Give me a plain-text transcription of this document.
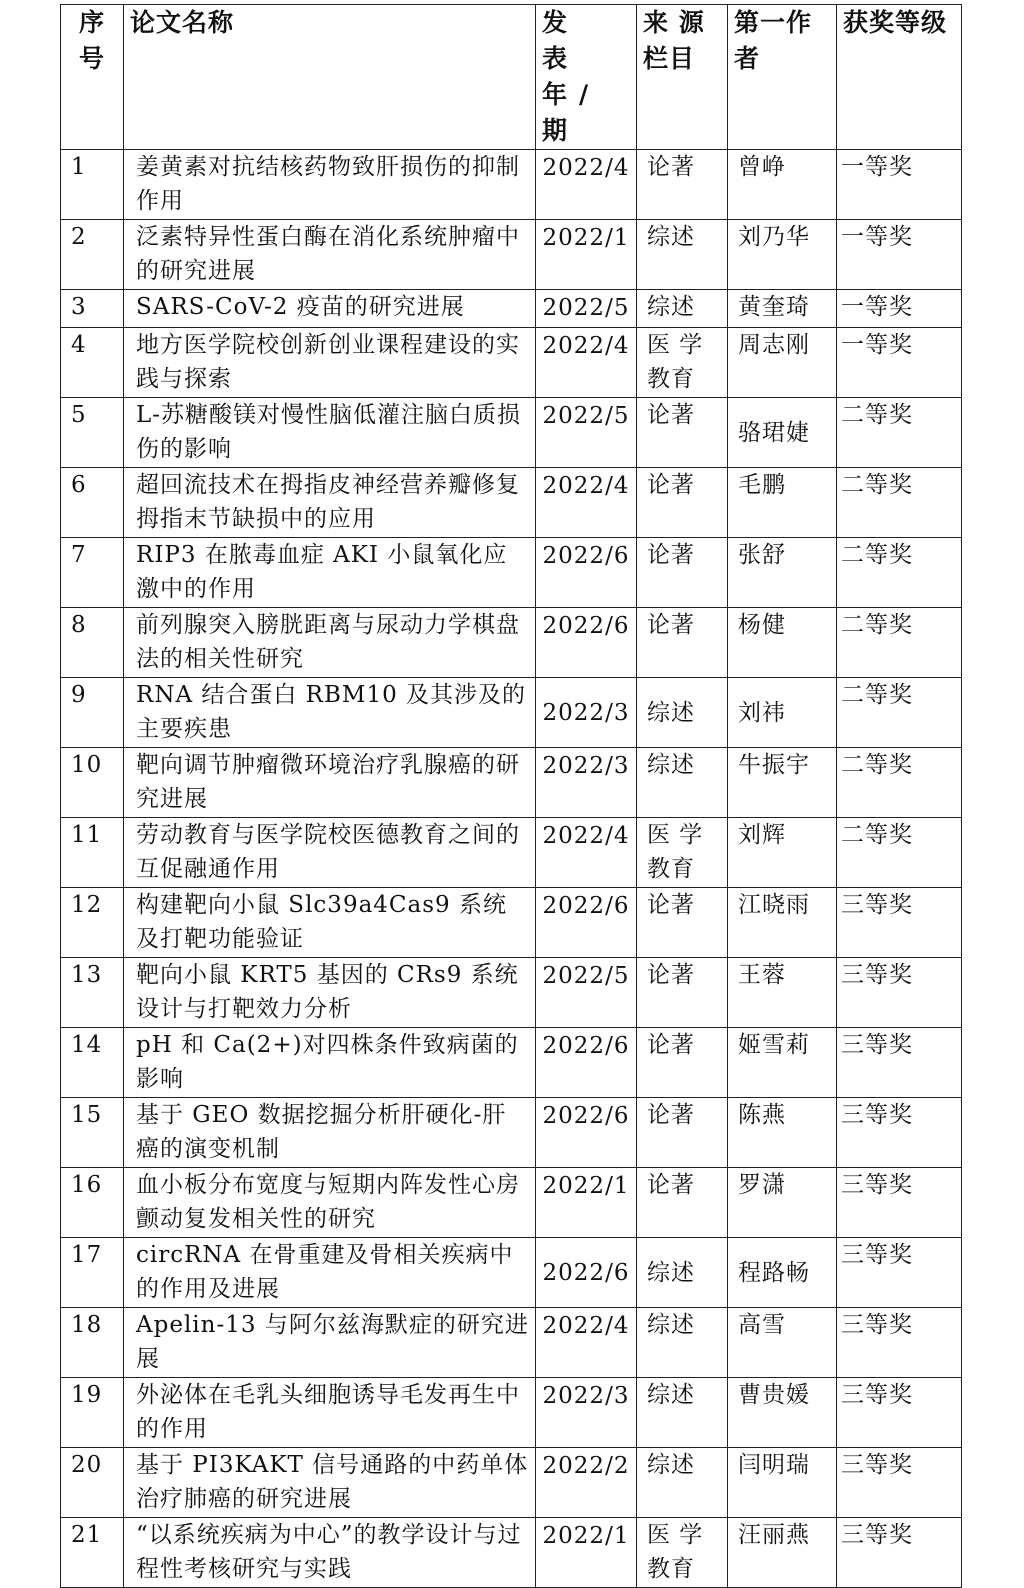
序号	论文名称	发 表 年/期	来 源 栏目	第一作 者	获奖等级
1	姜黄素对抗结核药物致肝损伤的抑制作用	2022/4	论著	曾峥	一等奖
2	泛素特异性蛋白酶在消化系统肿瘤中的研究进展	2022/1	综述	刘乃华	一等奖
3	SARS-CoV-2 疫苗的研究进展	2022/5	综述	黄奎琦	一等奖
4	地方医学院校创新创业课程建设的实践与探索	2022/4	医 学 教育	周志刚	一等奖
5	L-苏糖酸镁对慢性脑低灌注脑白质损伤的影响	2022/5	论著	骆珺婕	二等奖
6	超回流技术在拇指皮神经营养瓣修复拇指末节缺损中的应用	2022/4	论著	毛鹏	二等奖
7	RIP3 在脓毒血症 AKI 小鼠氧化应激中的作用	2022/6	论著	张舒	二等奖
8	前列腺突入膀胱距离与尿动力学棋盘法的相关性研究	2022/6	论著	杨健	二等奖
9	RNA 结合蛋白 RBM10 及其涉及的主要疾患	2022/3	综述	刘祎	二等奖
10	靶向调节肿瘤微环境治疗乳腺癌的研究进展	2022/3	综述	牛振宇	二等奖
11	劳动教育与医学院校医德教育之间的互促融通作用	2022/4	医 学 教育	刘辉	二等奖
12	构建靶向小鼠 Slc39a4Cas9 系统及打靶功能验证	2022/6	论著	江晓雨	三等奖
13	靶向小鼠 KRT5 基因的 CRs9 系统设计与打靶效力分析	2022/5	论著	王蓉	三等奖
14	pH 和 Ca(2+)对四株条件致病菌的影响	2022/6	论著	姬雪莉	三等奖
15	基于 GEO 数据挖掘分析肝硬化-肝癌的演变机制	2022/6	论著	陈燕	三等奖
16	血小板分布宽度与短期内阵发性心房颤动复发相关性的研究	2022/1	论著	罗潇	三等奖
17	circRNA 在骨重建及骨相关疾病中的作用及进展	2022/6	综述	程路畅	三等奖
18	Apelin-13 与阿尔兹海默症的研究进展	2022/4	综述	高雪	三等奖
19	外泌体在毛乳头细胞诱导毛发再生中的作用	2022/3	综述	曹贵媛	三等奖
20	基于 PI3KAKT 信号通路的中药单体治疗肺癌的研究进展	2022/2	综述	闫明瑞	三等奖
21	“以系统疾病为中心”的教学设计与过程性考核研究与实践	2022/1	医 学 教育	汪丽燕	三等奖
